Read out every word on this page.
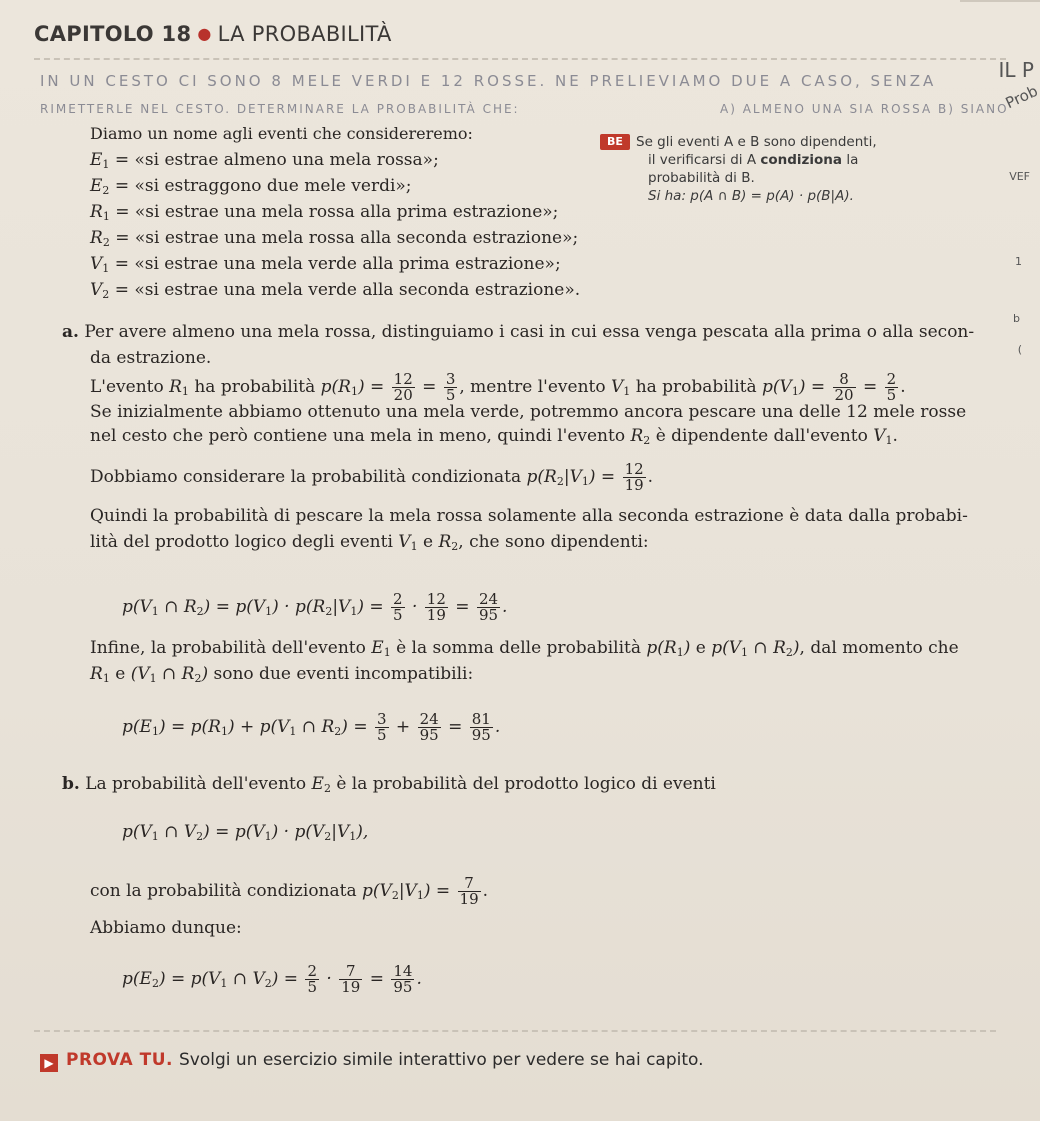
CAPITOLO 18 ● LA PROBABILITÀ
IN UN CESTO CI SONO 8 MELE VERDI E 12 ROSSE. NE PRELIEVIAMO DUE A CASO, SENZA
RIMETTERLE NEL CESTO. DETERMINARE LA PROBABILITÀ CHE:	A) ALMENO UNA SIA ROSSA B) SIANO
IL P
Prob
VEF
1
b
(
Diamo un nome agli eventi che considereremo:
$E_1$ = «si estrae almeno una mela rossa»;
$E_2$ = «si estraggono due mele verdi»;
$R_1$ = «si estrae una mela rossa alla prima estrazione»;
$R_2$ = «si estrae una mela rossa alla seconda estrazione»;
$V_1$ = «si estrae una mela verde alla prima estrazione»;
$V_2$ = «si estrae una mela verde alla seconda estrazione».
BE Se gli eventi A e B sono dipendenti,
il verificarsi di A condiziona la
probabilità di B.
Si ha: p(A ∩ B) = p(A) · p(B|A).
a. Per avere almeno una mela rossa, distinguiamo i casi in cui essa venga pescata alla prima o alla secon-
da estrazione.
L'evento $R_1$ ha probabilità $p(R_1) = \frac{12}{20} = \frac{3}{5}$ , mentre l'evento $V_1$ ha probabilità $p(V_1) = \frac{8}{20} = \frac{2}{5}$ .
Se inizialmente abbiamo ottenuto una mela verde, potremmo ancora pescare una delle 12 mele rosse
nel cesto che però contiene una mela in meno, quindi l'evento $R_2$ è dipendente dall'evento $V_1$.
Dobbiamo considerare la probabilità condizionata $p(R_2|V_1) = \frac{12}{19}$ .
Quindi la probabilità di pescare la mela rossa solamente alla seconda estrazione è data dalla probabi-
lità del prodotto logico degli eventi $V_1$ e $R_2$, che sono dipendenti:
$p(V_1$ ∩ $R_2) = p(V_1) \cdot p(R_2|V_1) = \frac{2}{5} \cdot \frac{12}{19} = \frac{24}{95}$ .
Infine, la probabilità dell'evento $E_1$ è la somma delle probabilità $p(R_1)$ e $p(V_1$ ∩ $R_2$), dal momento che
$R_1$ e ($V_1$ ∩ $R_2$) sono due eventi incompatibili:
$p(E_1) = p(R_1) + p(V_1$ ∩ $R_2) = \frac{3}{5} + \frac{24}{95} = \frac{81}{95}$ .
b. La probabilità dell'evento $E_2$ è la probabilità del prodotto logico di eventi
$p(V_1$ ∩ $V_2) = p(V_1) \cdot p(V_2|V_1)$,
con la probabilità condizionata $p(V_2|V_1) = \frac{7}{19}$ .
Abbiamo dunque:
$p(E_2) = p(V_1$ ∩ $V_2) = \frac{2}{5} \cdot \frac{7}{19} = \frac{14}{95}$ .
▶ PROVA TU. Svolgi un esercizio simile interattivo per vedere se hai capito.
